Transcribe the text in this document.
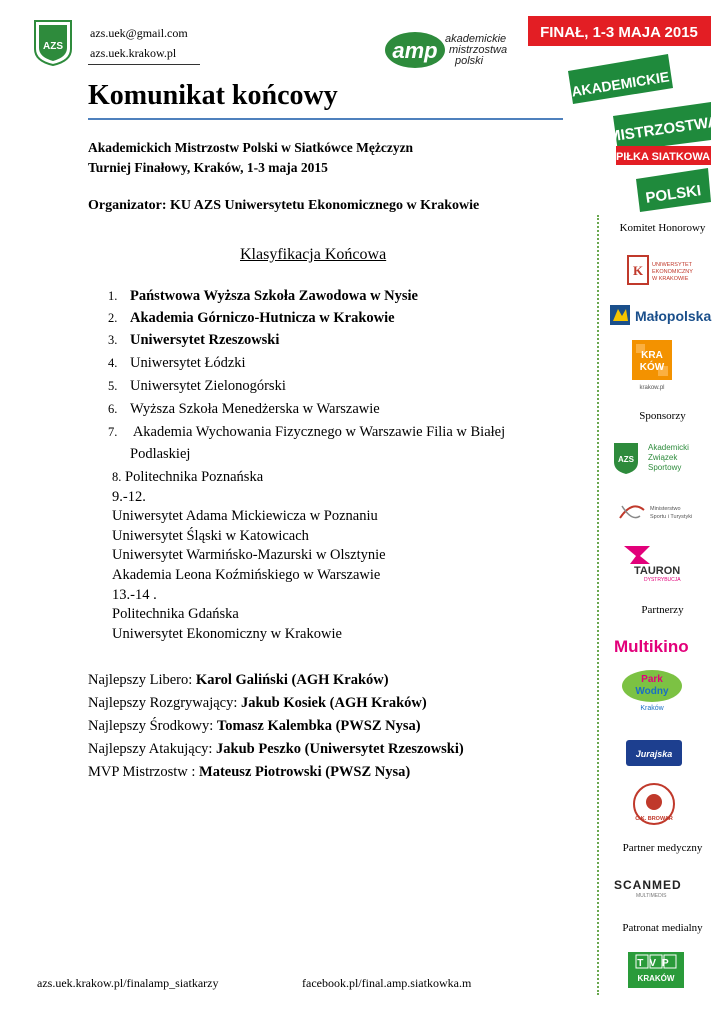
AZS
azs.uek@gmail.com
azs.uek.krakow.pl	amp akademickie
mistrzostwa
polski
FINAŁ, 1-3 MAJA 2015
AKADEMICKIE
MISTRZOSTWA
PIŁKA SIATKOWA
POLSKI
Komunikat końcowy
Akademickich Mistrzostw Polski w Siatkówce Mężczyzn
Turniej Finałowy, Kraków, 1-3 maja 2015
Organizator: KU AZS Uniwersytetu Ekonomicznego w Krakowie
Klasyfikacja Końcowa
1. Państwowa Wyższa Szkoła Zawodowa w Nysie
2. Akademia Górniczo-Hutnicza w Krakowie
3. Uniwersytet Rzeszowski
4. Uniwersytet Łódzki
5. Uniwersytet Zielonogórski
6. Wyższa Szkoła Menedżerska w Warszawie
7. Akademia Wychowania Fizycznego w Warszawie Filia w Białej
Podlaskiej
8. Politechnika Poznańska
9.-12.
Uniwersytet Adama Mickiewicza w Poznaniu
Uniwersytet Śląski w Katowicach
Uniwersytet Warmińsko-Mazurski w Olsztynie
Akademia Leona Koźmińskiego w Warszawie
13.-14 .
Politechnika Gdańska
Uniwersytet Ekonomiczny w Krakowie
Najlepszy Libero: Karol Galiński (AGH Kraków)
Najlepszy Rozgrywający: Jakub Kosiek (AGH Kraków)
Najlepszy Środkowy: Tomasz Kalembka (PWSZ Nysa)
Najlepszy Atakujący: Jakub Peszko (Uniwersytet Rzeszowski)
MVP Mistrzostw : Mateusz Piotrowski (PWSZ Nysa)
Komitet Honorowy
K UNIWERSYTET
EKONOMICZNY
W KRAKOWIE
Małopolska
KRA
KÓW
krakow.pl
Sponsorzy
AZS
Akademicki
Związek
Sportowy
Ministerstwo
Sportu i Turystyki
TAURON
DYSTRYBUCJA
Partnerzy
Multikino
Park
Wodny
Kraków
Jurajska
C.K. BROWAR
Partner medyczny
SCANMED
MULTIMEDIS
Patronat medialny
TVP
KRAKÓW
azs.uek.krakow.pl/finalamp_siatkarzy	facebook.pl/final.amp.siatkowka.m
